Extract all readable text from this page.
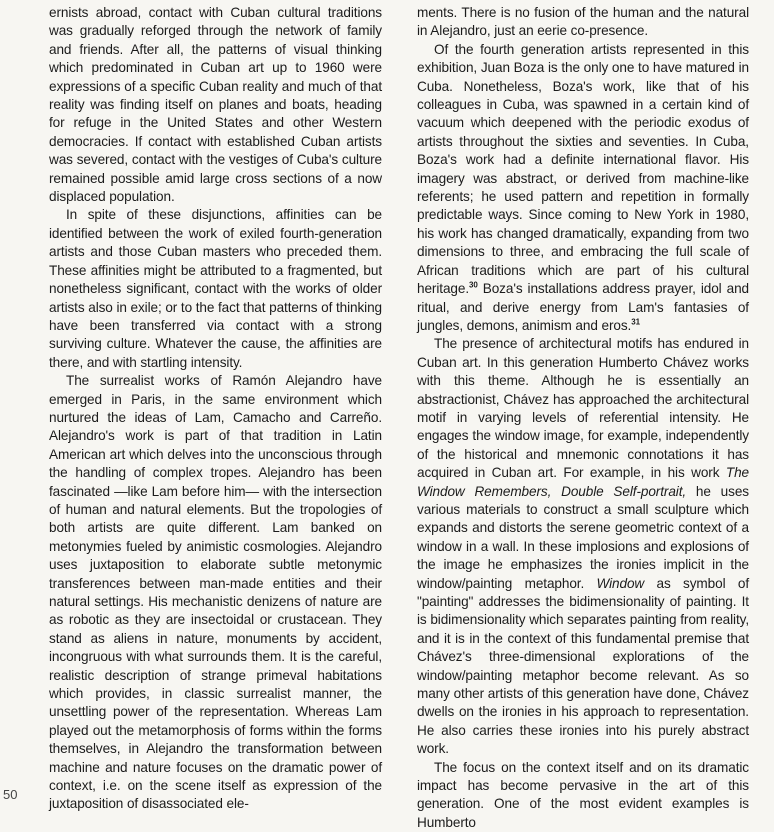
ernists abroad, contact with Cuban cultural traditions was gradually reforged through the network of family and friends. After all, the patterns of visual thinking which predominated in Cuban art up to 1960 were expressions of a specific Cuban reality and much of that reality was finding itself on planes and boats, heading for refuge in the United States and other Western democracies. If contact with established Cuban artists was severed, contact with the vestiges of Cuba's culture remained possible amid large cross sections of a now displaced population.

In spite of these disjunctions, affinities can be identified between the work of exiled fourth-generation artists and those Cuban masters who preceded them. These affinities might be attributed to a fragmented, but nonetheless significant, contact with the works of older artists also in exile; or to the fact that patterns of thinking have been transferred via contact with a strong surviving culture. Whatever the cause, the affinities are there, and with startling intensity.

The surrealist works of Ramón Alejandro have emerged in Paris, in the same environment which nurtured the ideas of Lam, Camacho and Carreño. Alejandro's work is part of that tradition in Latin American art which delves into the unconscious through the handling of complex tropes. Alejandro has been fascinated —like Lam before him— with the intersection of human and natural elements. But the tropologies of both artists are quite different. Lam banked on metonymies fueled by animistic cosmologies. Alejandro uses juxtaposition to elaborate subtle metonymic transferences between man-made entities and their natural settings. His mechanistic denizens of nature are as robotic as they are insectoidal or crustacean. They stand as aliens in nature, monuments by accident, incongruous with what surrounds them. It is the careful, realistic description of strange primeval habitations which provides, in classic surrealist manner, the unsettling power of the representation. Whereas Lam played out the metamorphosis of forms within the forms themselves, in Alejandro the transformation between machine and nature focuses on the dramatic power of context, i.e. on the scene itself as expression of the juxtaposition of disassociated ele-

ments. There is no fusion of the human and the natural in Alejandro, just an eerie co-presence.

Of the fourth generation artists represented in this exhibition, Juan Boza is the only one to have matured in Cuba. Nonetheless, Boza's work, like that of his colleagues in Cuba, was spawned in a certain kind of vacuum which deepened with the periodic exodus of artists throughout the sixties and seventies. In Cuba, Boza's work had a definite international flavor. His imagery was abstract, or derived from machine-like referents; he used pattern and repetition in formally predictable ways. Since coming to New York in 1980, his work has changed dramatically, expanding from two dimensions to three, and embracing the full scale of African traditions which are part of his cultural heritage.$^{30}$ Boza's installations address prayer, idol and ritual, and derive energy from Lam's fantasies of jungles, demons, animism and eros.$^{31}$

The presence of architectural motifs has endured in Cuban art. In this generation Humberto Chávez works with this theme. Although he is essentially an abstractionist, Chávez has approached the architectural motif in varying levels of referential intensity. He engages the window image, for example, independently of the historical and mnemonic connotations it has acquired in Cuban art. For example, in his work The Window Remembers, Double Self-portrait, he uses various materials to construct a small sculpture which expands and distorts the serene geometric context of a window in a wall. In these implosions and explosions of the image he emphasizes the ironies implicit in the window/painting metaphor. Window as symbol of "painting" addresses the bidimensionality of painting. It is bidimensionality which separates painting from reality, and it is in the context of this fundamental premise that Chávez's three-dimensional explorations of the window/painting metaphor become relevant. As so many other artists of this generation have done, Chávez dwells on the ironies in his approach to representation. He also carries these ironies into his purely abstract work.

The focus on the context itself and on its dramatic impact has become pervasive in the art of this generation. One of the most evident examples is Humberto

50
